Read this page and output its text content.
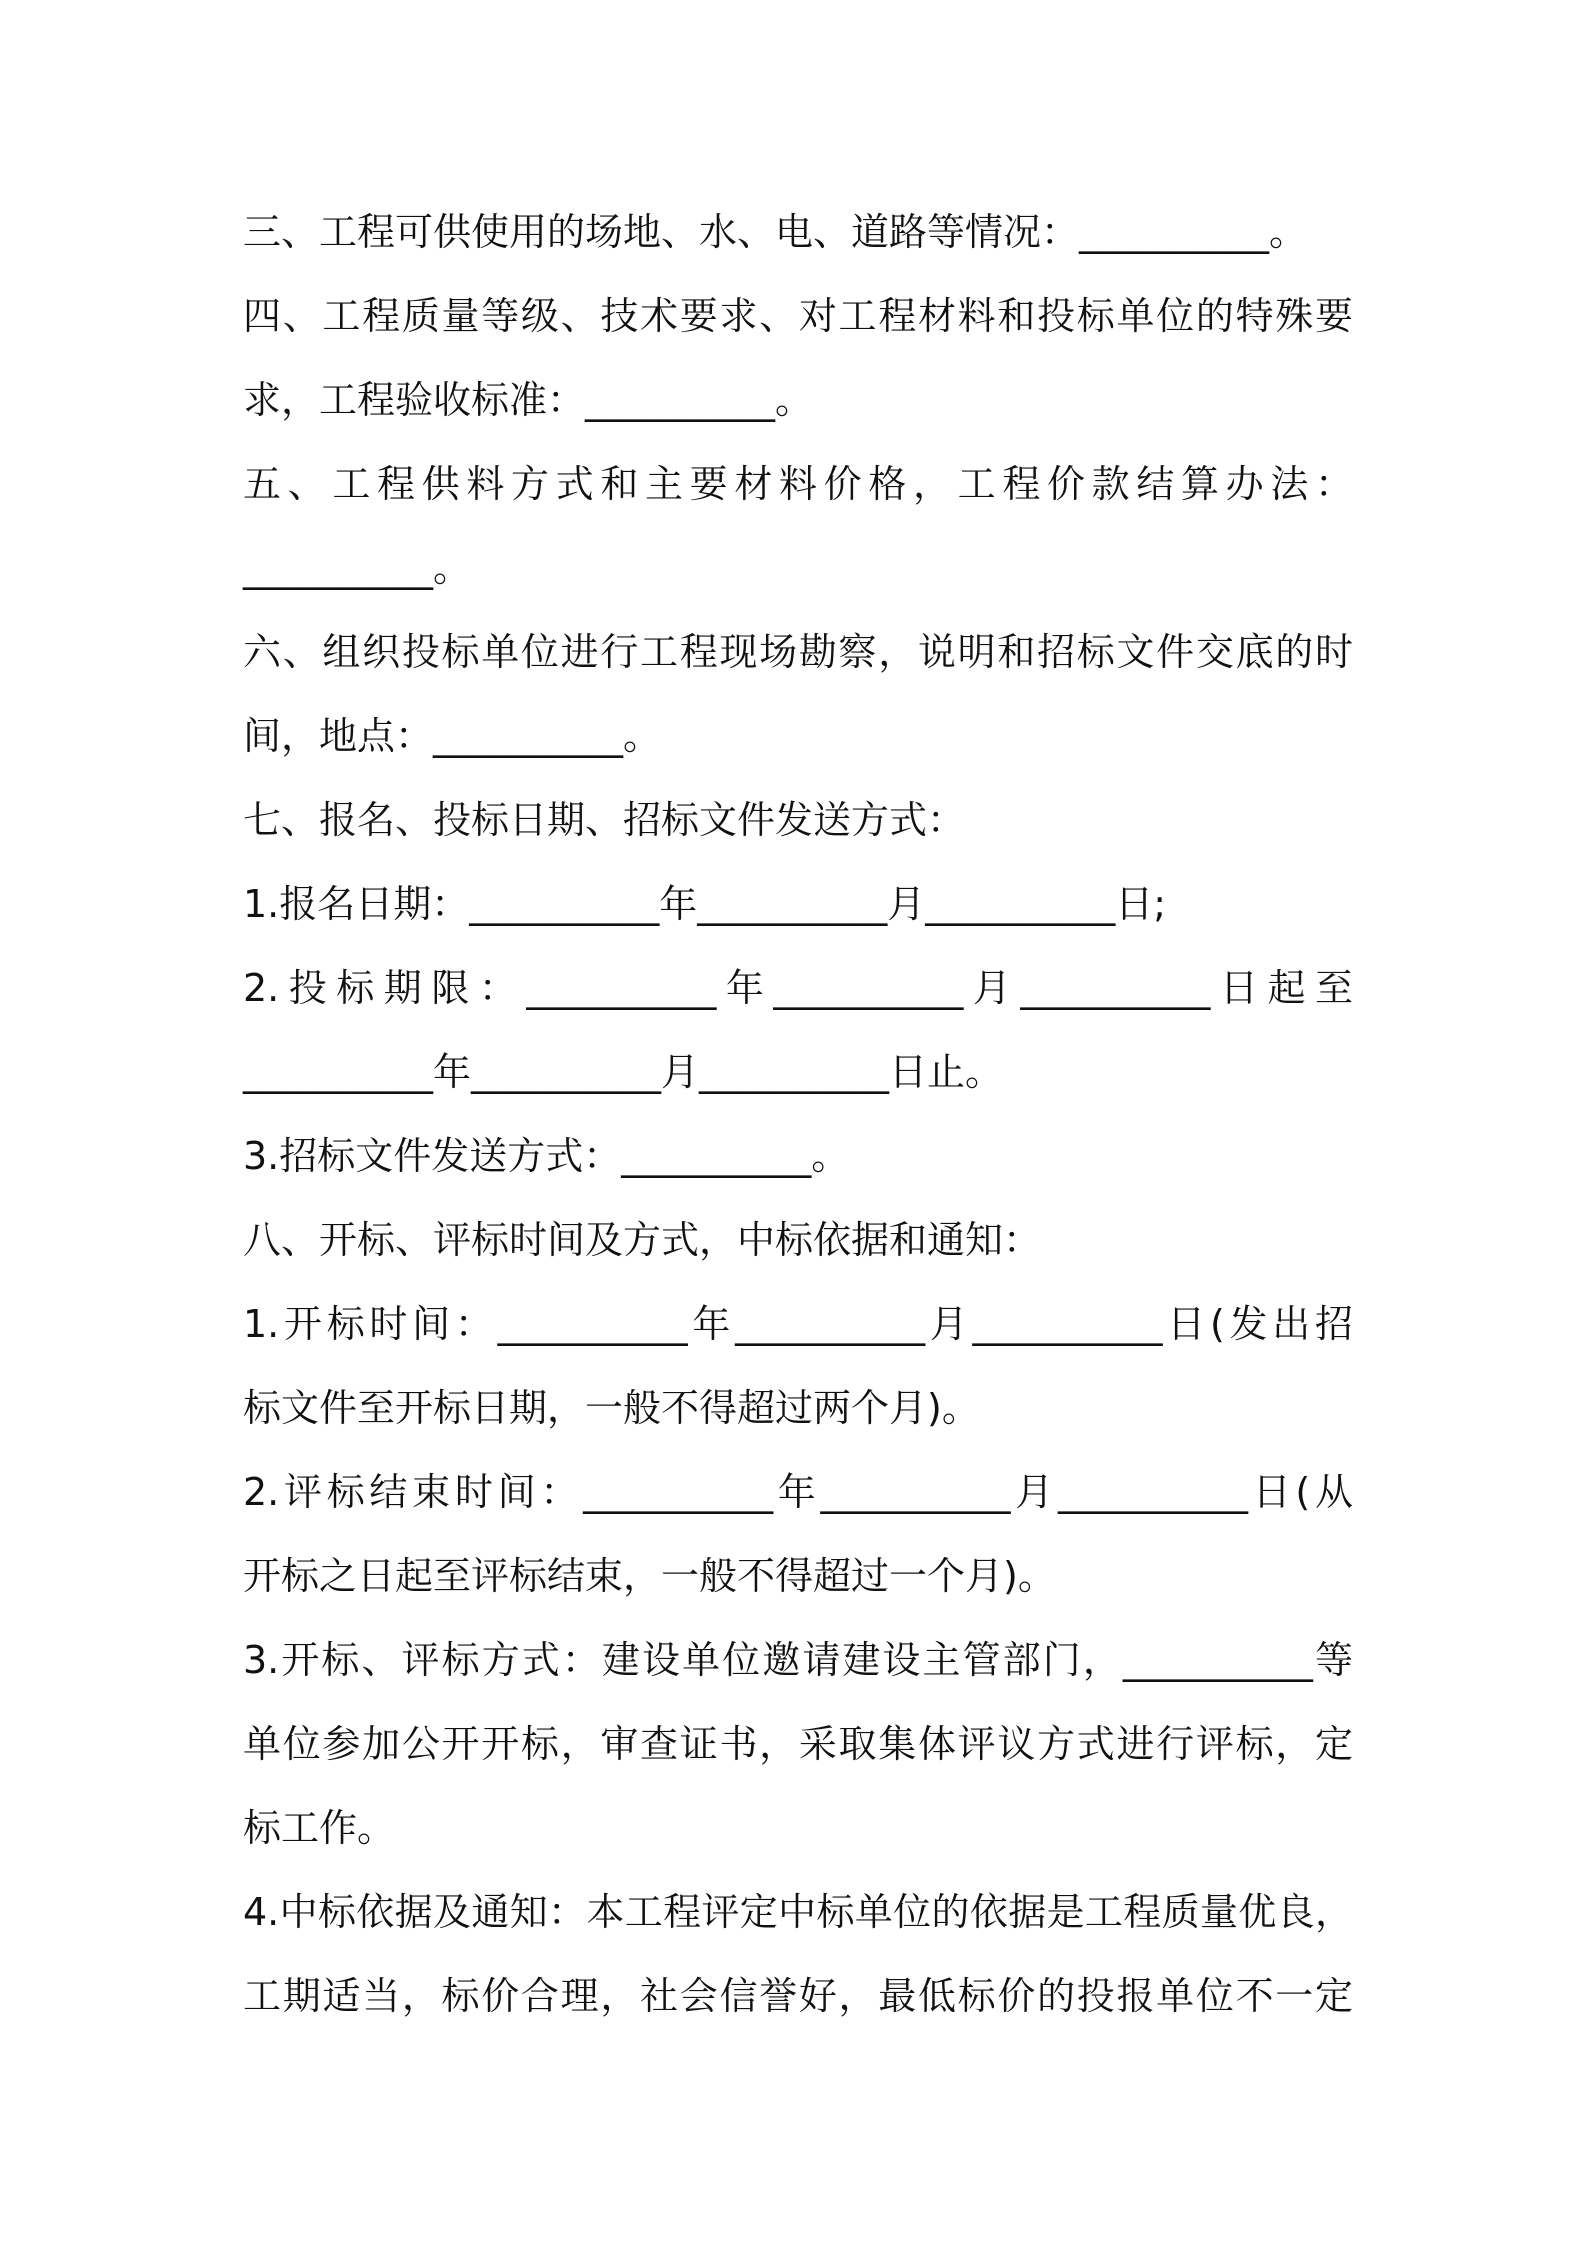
三、工程可供使用的场地、水、电、道路等情况：__________。
四、工程质量等级、技术要求、对工程材料和投标单位的特殊要
求，工程验收标准：__________。
五、工程供料方式和主要材料价格，工程价款结算办法：
__________。
六、组织投标单位进行工程现场勘察，说明和招标文件交底的时
间，地点：__________。
七、报名、投标日期、招标文件发送方式：
1.报名日期：__________年__________月__________日;
2.投标期限：__________年__________月__________日起至
__________年__________月__________日止。
3.招标文件发送方式：__________。
八、开标、评标时间及方式，中标依据和通知：
1.开标时间：__________年__________月__________日(发出招
标文件至开标日期，一般不得超过两个月)。
2.评标结束时间：__________年__________月__________日(从
开标之日起至评标结束，一般不得超过一个月)。
3.开标、评标方式：建设单位邀请建设主管部门，__________等
单位参加公开开标，审查证书，采取集体评议方式进行评标，定
标工作。
4.中标依据及通知：本工程评定中标单位的依据是工程质量优良，
工期适当，标价合理，社会信誉好，最低标价的投报单位不一定
